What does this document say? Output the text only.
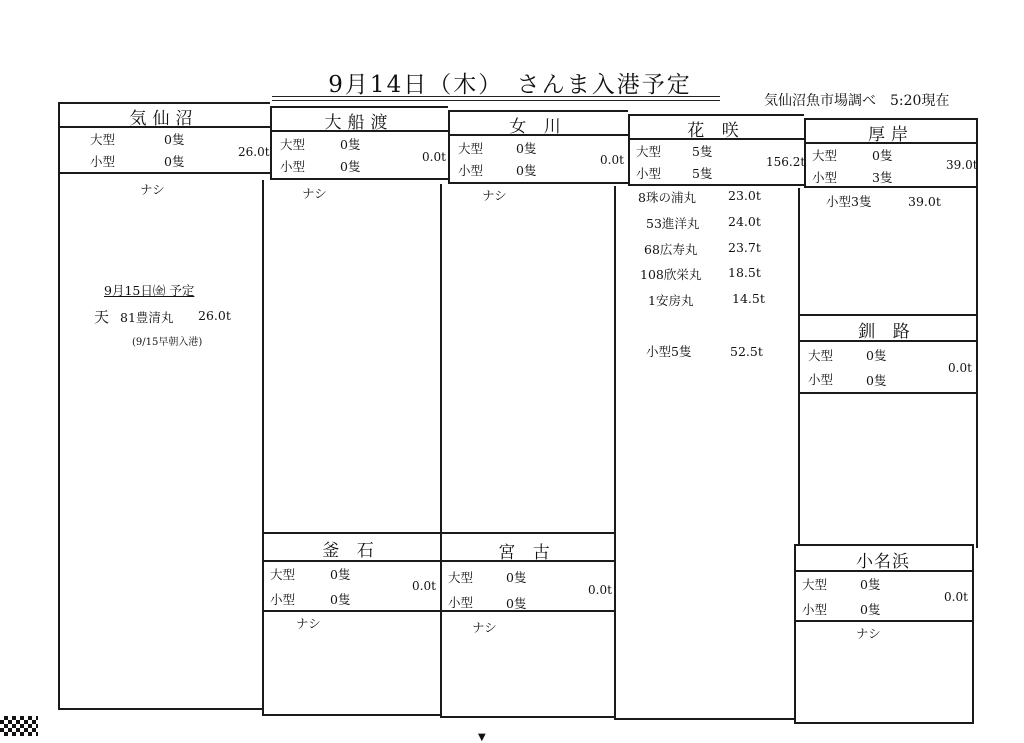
9月14日（木）　さんま入港予定
気仙沼魚市場調べ　5:20現在
気仙沼
大型	0隻
小型	0隻
26.0t
ナシ
9月15日㈮ 予定
天 81豊清丸 26.0t
(9/15早朝入港)
大船渡
大型	0隻
小型	0隻
0.0t
ナシ
女 川
大型	0隻
小型	0隻
0.0t
ナシ
花 咲
大型 5隻
小型 5隻
156.2t
8珠の浦丸	23.0t
53進洋丸 24.0t
68広寿丸 23.7t
108欣栄丸 18.5t
1安房丸	14.5t
小型5隻	52.5t
厚岸
大型	0隻
小型	3隻
39.0t
小型3隻	39.0t
釧 路
大型	0隻
小型	0隻
0.0t
釜 石
大型	0隻
小型	0隻
0.0t
ナシ
宮 古
大型	0隻
小型	0隻
0.0t
ナシ
小名浜
大型	0隻
小型	0隻
0.0t
ナシ
▼
